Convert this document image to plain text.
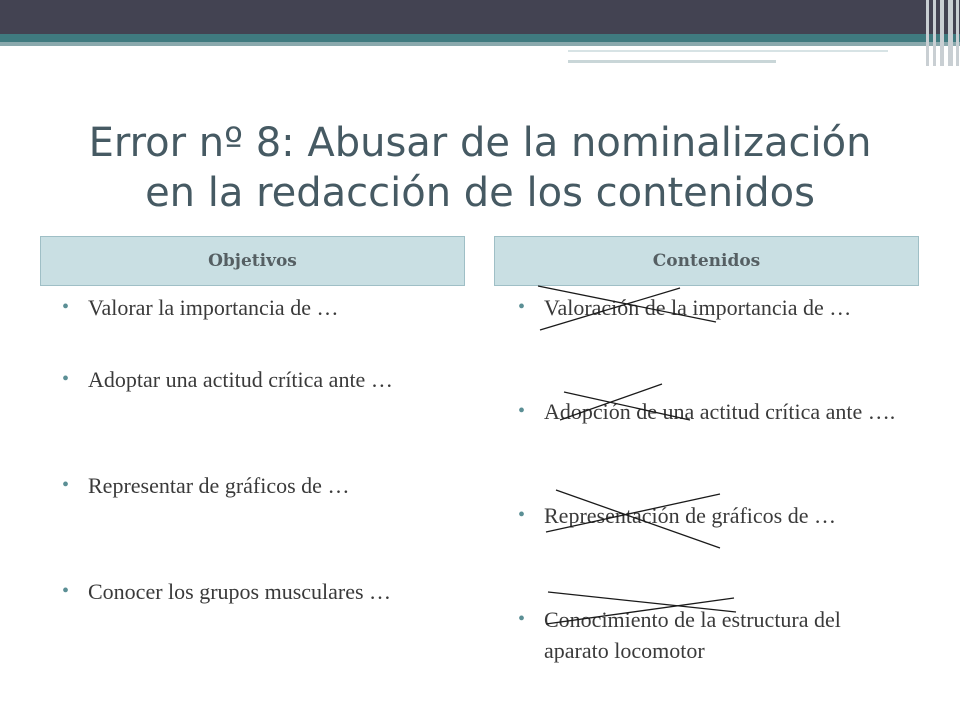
Error nº 8: Abusar de la nominalización
en la redacción de los contenidos
Objetivos	Contenidos
• Valorar la importancia de …
• Adoptar una actitud crítica ante …
• Representar de gráficos de …
• Conocer los grupos musculares …
• Valoración de la importancia de …
• Adopción de una actitud crítica ante ….
• Representación de gráficos de …
• Conocimiento de la estructura del aparato locomotor
